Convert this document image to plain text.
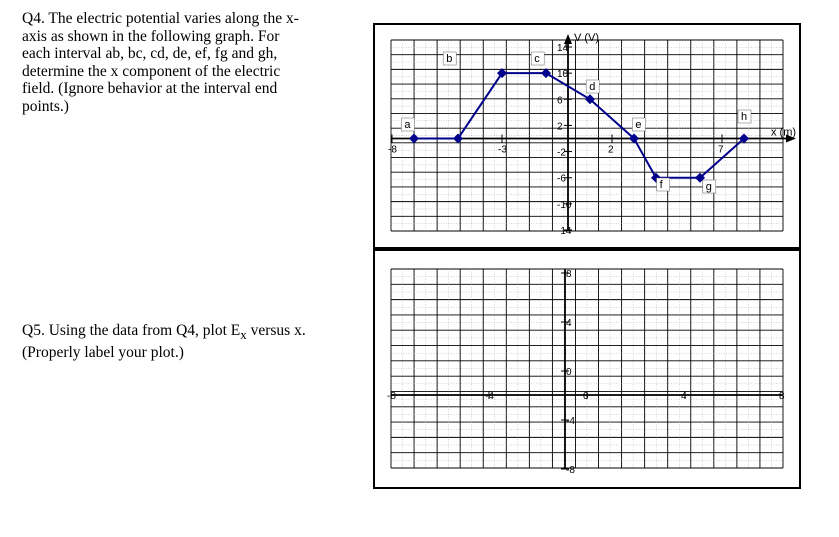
Q4. The electric potential varies along the x-

axis as shown in the following graph. For

each interval ab, bc, cd, de, ef, fg and gh,

determine the x component of the electric

field. (Ignore behavior at the interval end

points.)

Q5. Using the data from Q4, plot $E_x$ versus x.

(Properly label your plot.)

-8	-3	2	7
14
10
6
2
-2
-6
-10
-14
x (m)
V (V)
a
b	c
d
e
f	g
h
-8	-4	0	4	8
8
4
0
-4
-8
